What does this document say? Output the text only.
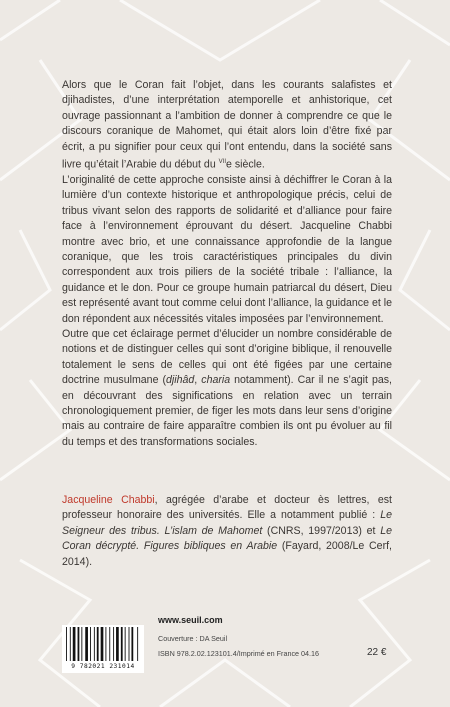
Alors que le Coran fait l’objet, dans les courants salafistes et djihadistes, d’une interprétation atemporelle et anhistorique, cet ouvrage passionnant a l’ambition de donner à comprendre ce que le discours coranique de Mahomet, qui était alors loin d’être fixé par écrit, a pu signifier pour ceux qui l’ont entendu, dans la société sans livre qu’était l’Arabie du début du $^{VII}$e siècle.

L’originalité de cette approche consiste ainsi à déchiffrer le Coran à la lumière d’un contexte historique et anthropologique précis, celui de tribus vivant selon des rapports de solidarité et d’alliance pour faire face à l’environnement éprouvant du désert. Jacqueline Chabbi montre avec brio, et une connaissance approfondie de la langue coranique, que les trois caractéristiques principales du divin correspondent aux trois piliers de la société tribale : l’alliance, la guidance et le don. Pour ce groupe humain patriarcal du désert, Dieu est représenté avant tout comme celui dont l’alliance, la guidance et le don répondent aux nécessités vitales imposées par l’environnement.

Outre que cet éclairage permet d’élucider un nombre considérable de notions et de distinguer celles qui sont d’origine biblique, il renouvelle totalement le sens de celles qui ont été figées par une certaine doctrine musulmane (djihâd, charia notamment). Car il ne s’agit pas, en découvrant des significations en relation avec un terrain chronologiquement premier, de figer les mots dans leur sens d’origine mais au contraire de faire apparaître combien ils ont pu évoluer au fil du temps et des transformations sociales.

Jacqueline Chabbi, agrégée d’arabe et docteur ès lettres, est professeur honoraire des universités. Elle a notamment publié : Le Seigneur des tribus. L’islam de Mahomet (CNRS, 1997/2013) et Le Coran décrypté. Figures bibliques en Arabie (Fayard, 2008/Le Cerf, 2014).
9 782021 231014
www.seuil.com
Couverture : DA Seuil
ISBN 978.2.02.123101.4/Imprimé en France 04.16	22 €
